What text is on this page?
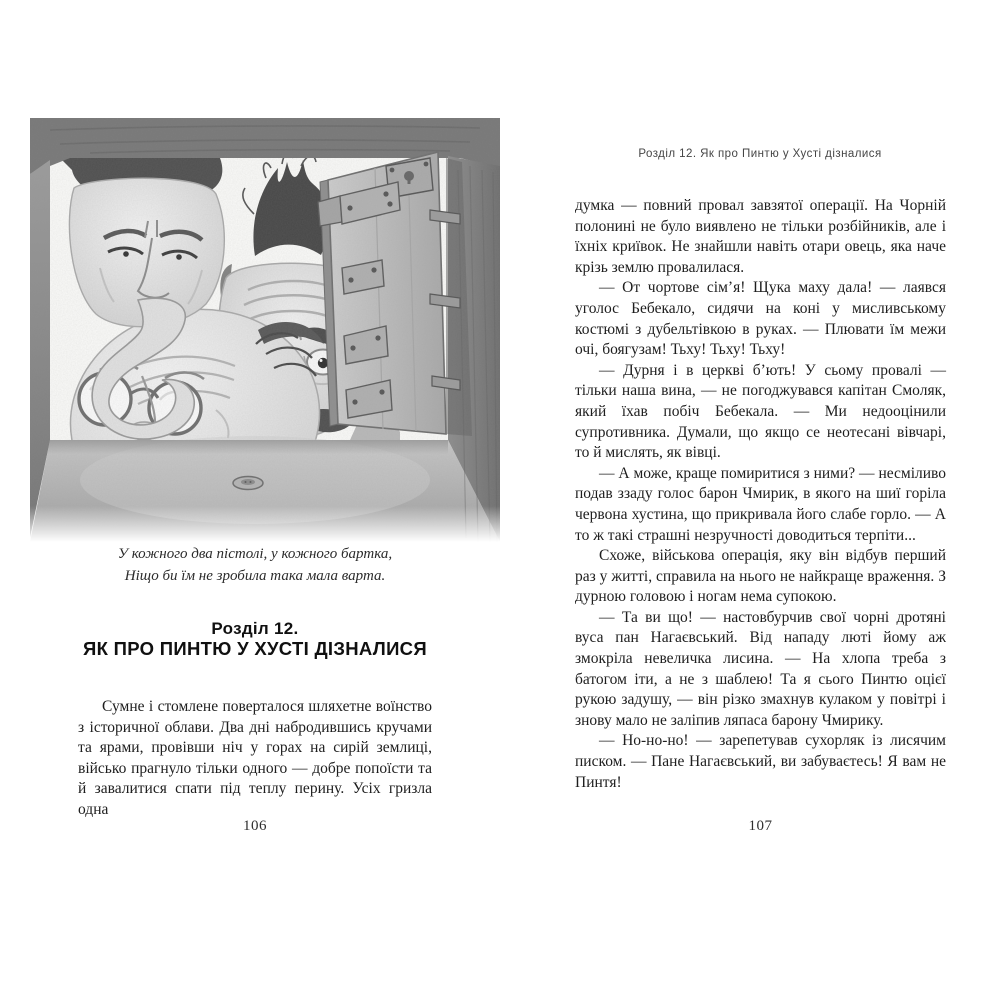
У кожного два пістолі, у кожного бартка,
Ніщо би їм не зробила така мала варта.
Розділ 12.
ЯК ПРО ПИНТЮ У ХУСТІ ДІЗНАЛИСЯ

Сумне і стомлене поверталося шляхетне воїнство з історичної облави. Два дні набродившись кручами та ярами, провівши ніч у горах на сирій землиці, військо прагнуло тільки одного — добре попоїсти та й завалитися спати під теплу перину. Усіх гризла одна

106
Розділ 12. Як про Пинтю у Хусті дізналися

думка — повний провал завзятої операції. На Чорній полонині не було виявлено не тільки розбійників, але і їхніх криївок. Не знайшли навіть отари овець, яка наче крізь землю провалилася.

— От чортове сім’я! Щука маху дала! — лаявся уголос Бебекало, сидячи на коні у мисливському костюмі з дубельтівкою в руках. — Плювати їм межи очі, боягузам! Тьху! Тьху! Тьху!

— Дурня і в церкві б’ють! У сьому провалі — тільки наша вина, — не погоджувався капітан Смоляк, який їхав побіч Бебекала. — Ми недооцінили супротивника. Думали, що якщо се неотесані вівчарі, то й мислять, як вівці.

— А може, краще помиритися з ними? — несміливо подав ззаду голос барон Чмирик, в якого на шиї горіла червона хустина, що прикривала його слабе горло. — А то ж такі страшні незручності доводиться терпіти...

Схоже, військова операція, яку він відбув перший раз у житті, справила на нього не найкраще враження. З дурною головою і ногам нема супокою.

— Та ви що! — настовбурчив свої чорні дротяні вуса пан Нагаєвський. Від нападу люті йому аж змокріла невеличка лисина. — На хлопа треба з батогом іти, а не з шаблею! Та я сього Пинтю оцієї рукою задушу, — він різко змахнув кулаком у повітрі і знову мало не заліпив ляпаса барону Чмирику.

— Но-но-но! — зарепетував сухорляк із лисячим писком. — Пане Нагаєвський, ви забуваєтесь! Я вам не Пинтя!

107
